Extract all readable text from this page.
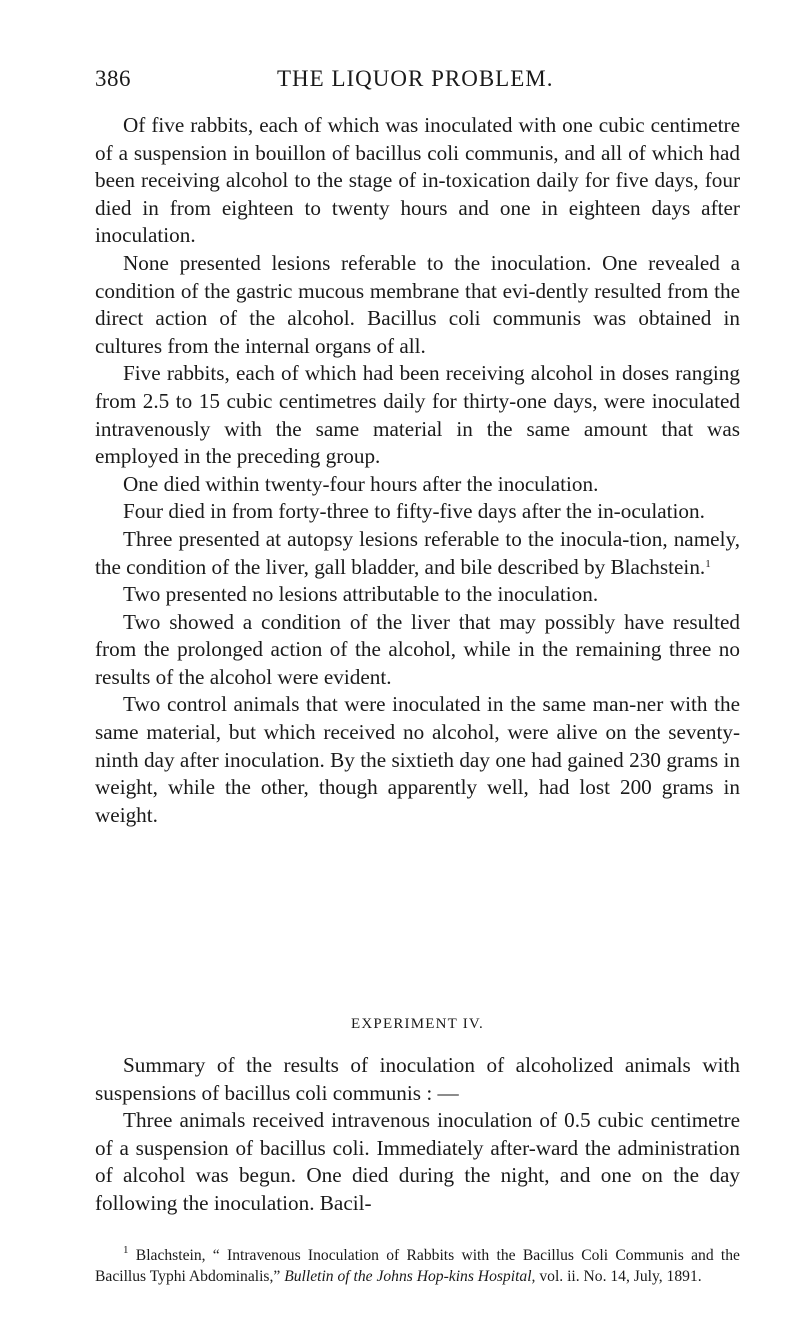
386	THE LIQUOR PROBLEM.

Of five rabbits, each of which was inoculated with one cubic centimetre of a suspension in bouillon of bacillus coli communis, and all of which had been receiving alcohol to the stage of in-toxication daily for five days, four died in from eighteen to twenty hours and one in eighteen days after inoculation.

None presented lesions referable to the inoculation. One revealed a condition of the gastric mucous membrane that evi-dently resulted from the direct action of the alcohol. Bacillus coli communis was obtained in cultures from the internal organs of all.

Five rabbits, each of which had been receiving alcohol in doses ranging from 2.5 to 15 cubic centimetres daily for thirty-one days, were inoculated intravenously with the same material in the same amount that was employed in the preceding group.

One died within twenty-four hours after the inoculation.

Four died in from forty-three to fifty-five days after the in-oculation.

Three presented at autopsy lesions referable to the inocula-tion, namely, the condition of the liver, gall bladder, and bile described by Blachstein.$^1$

Two presented no lesions attributable to the inoculation.

Two showed a condition of the liver that may possibly have resulted from the prolonged action of the alcohol, while in the remaining three no results of the alcohol were evident.

Two control animals that were inoculated in the same man-ner with the same material, but which received no alcohol, were alive on the seventy-ninth day after inoculation. By the sixtieth day one had gained 230 grams in weight, while the other, though apparently well, had lost 200 grams in weight.

EXPERIMENT IV.

Summary of the results of inoculation of alcoholized animals with suspensions of bacillus coli communis : —

Three animals received intravenous inoculation of 0.5 cubic centimetre of a suspension of bacillus coli. Immediately after-ward the administration of alcohol was begun. One died during the night, and one on the day following the inoculation. Bacil-

$^1$ Blachstein, “ Intravenous Inoculation of Rabbits with the Bacillus Coli Communis and the Bacillus Typhi Abdominalis,” Bulletin of the Johns Hop-kins Hospital, vol. ii. No. 14, July, 1891.
